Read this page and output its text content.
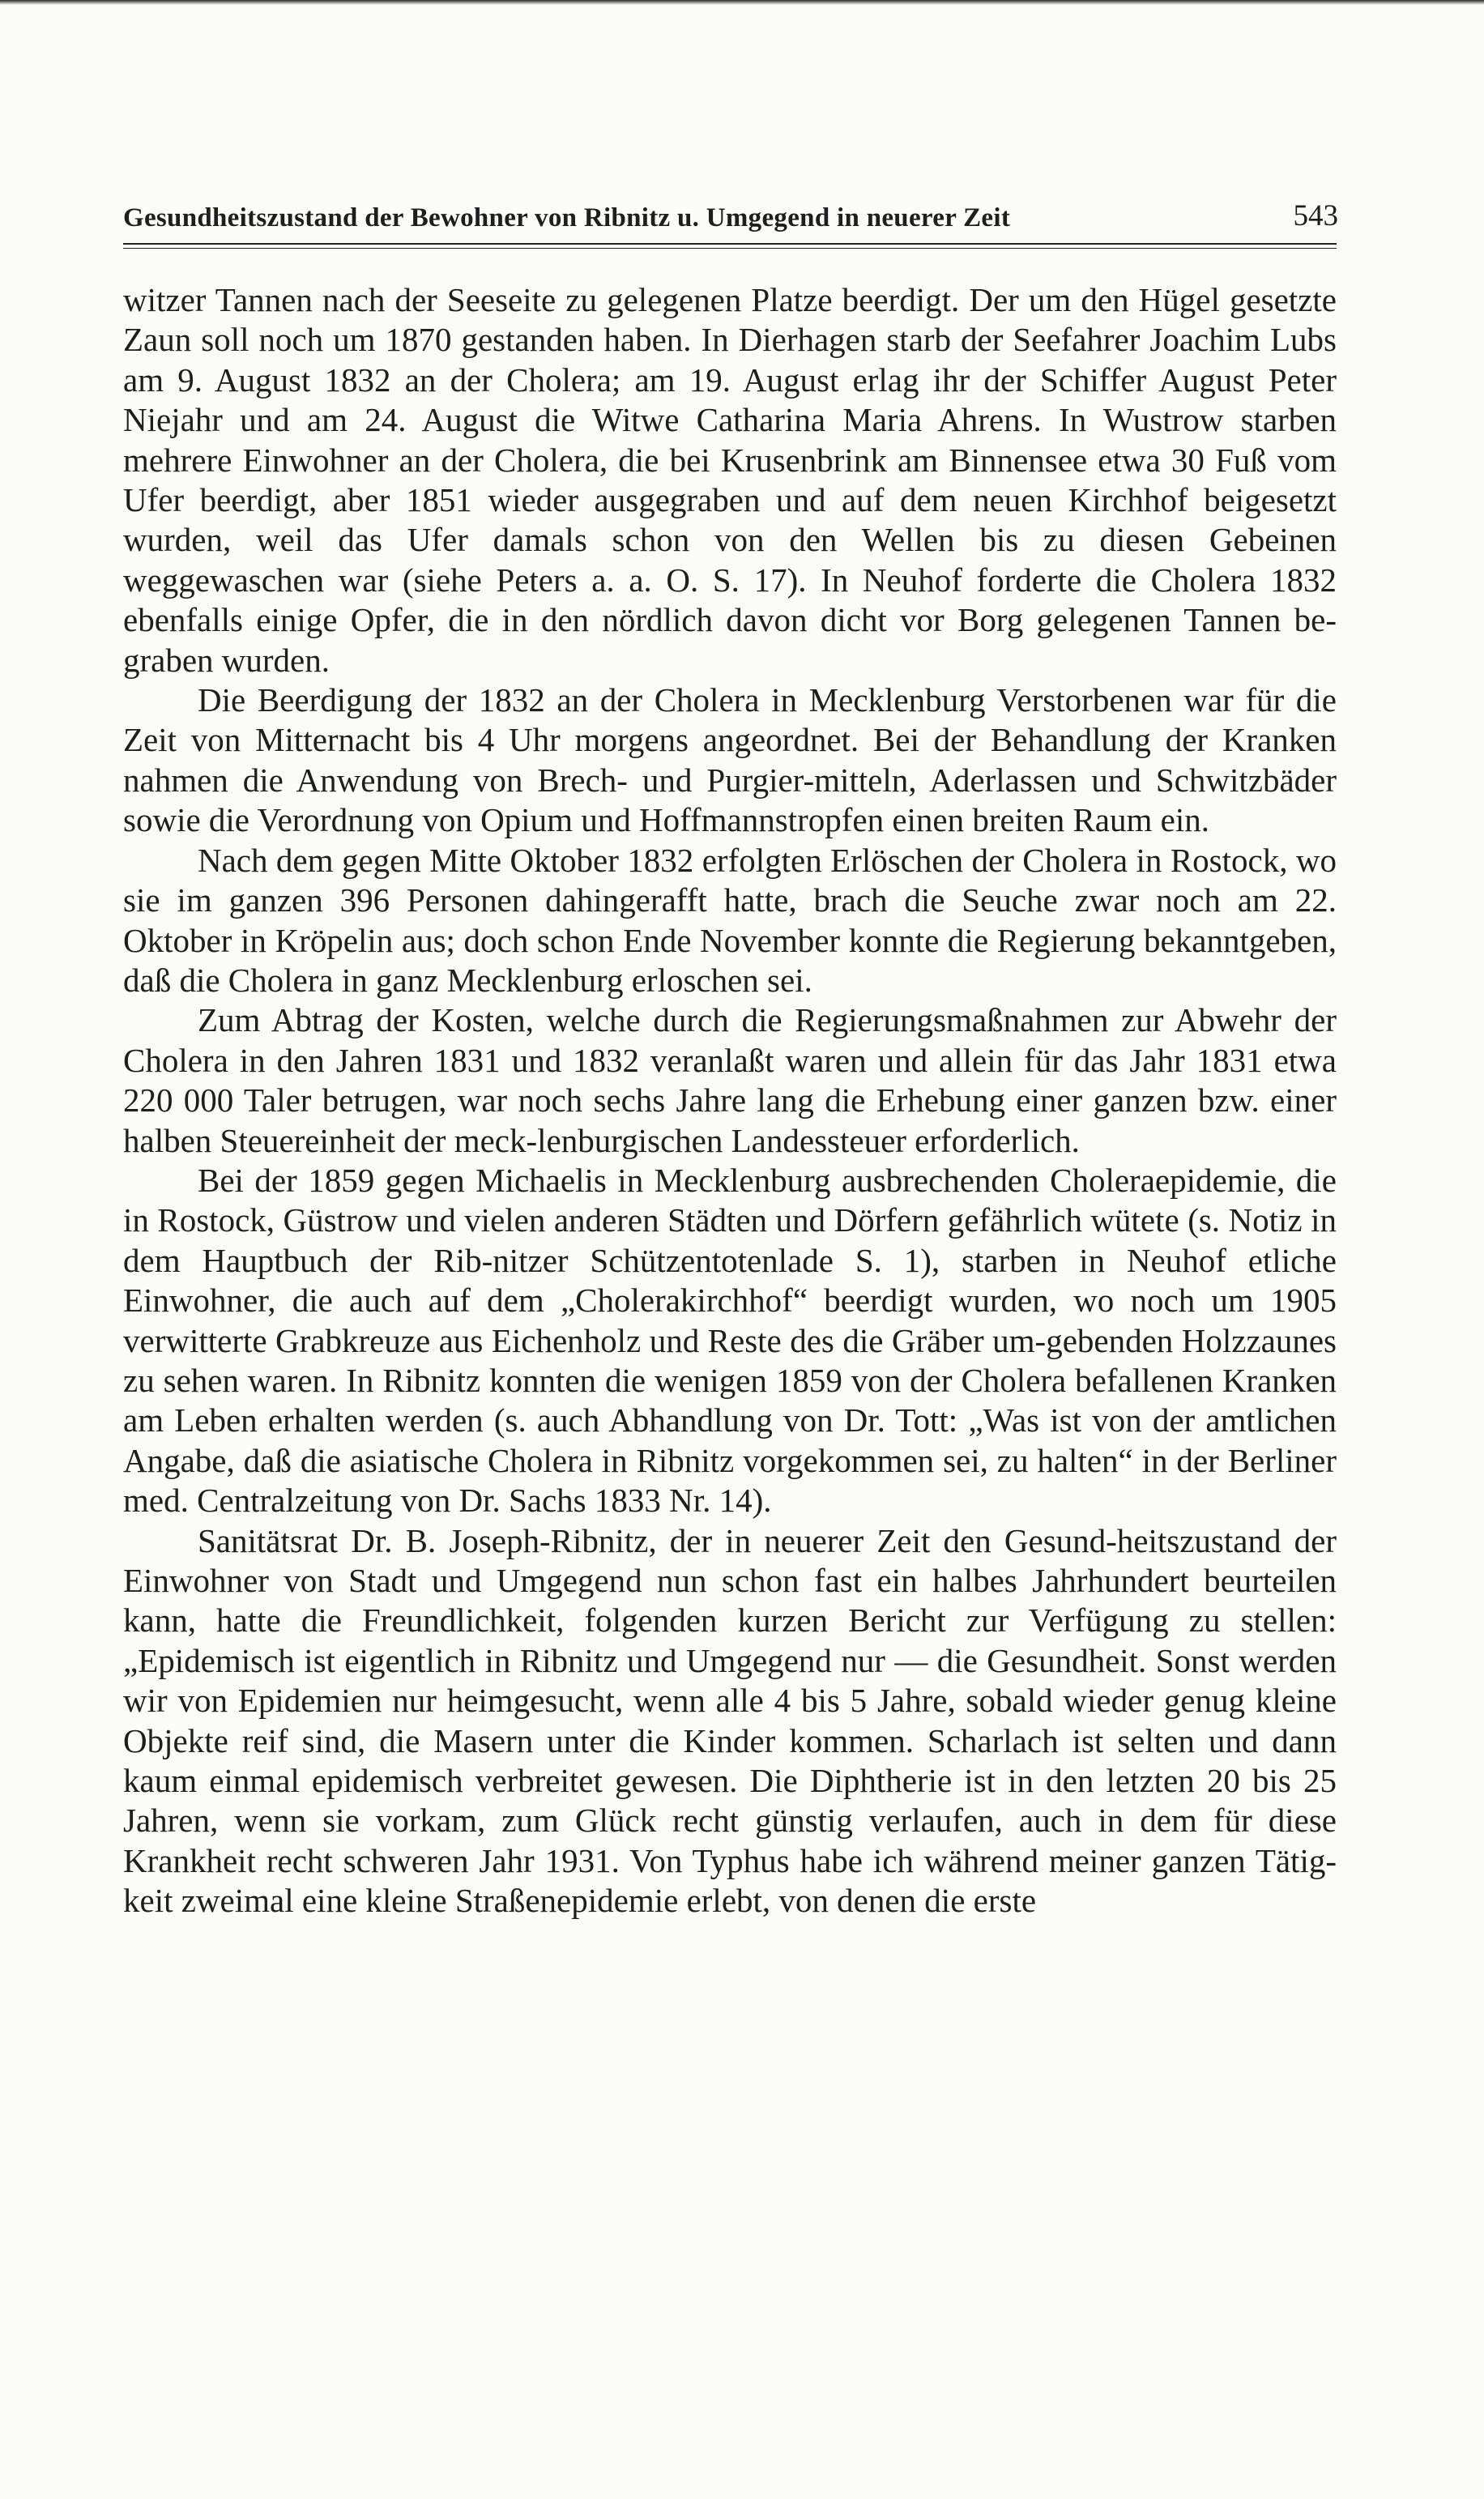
Gesundheitszustand der Bewohner von Ribnitz u. Umgegend in neuerer Zeit	543

witzer Tannen nach der Seeseite zu gelegenen Platze beerdigt. Der um den Hügel gesetzte Zaun soll noch um 1870 gestanden haben. In Dierhagen starb der Seefahrer Joachim Lubs am 9. August 1832 an der Cholera; am 19. August erlag ihr der Schiffer August Peter Niejahr und am 24. August die Witwe Catharina Maria Ahrens. In Wustrow starben mehrere Einwohner an der Cholera, die bei Krusenbrink am Binnensee etwa 30 Fuß vom Ufer beerdigt, aber 1851 wieder ausgegraben und auf dem neuen Kirchhof beigesetzt wurden, weil das Ufer damals schon von den Wellen bis zu diesen Gebeinen weggewaschen war (siehe Peters a. a. O. S. 17). In Neuhof forderte die Cholera 1832 ebenfalls einige Opfer, die in den nördlich davon dicht vor Borg gelegenen Tannen be-graben wurden.

Die Beerdigung der 1832 an der Cholera in Mecklenburg Verstorbenen war für die Zeit von Mitternacht bis 4 Uhr morgens angeordnet. Bei der Behandlung der Kranken nahmen die Anwendung von Brech- und Purgier-mitteln, Aderlassen und Schwitzbäder sowie die Verordnung von Opium und Hoffmannstropfen einen breiten Raum ein.

Nach dem gegen Mitte Oktober 1832 erfolgten Erlöschen der Cholera in Rostock, wo sie im ganzen 396 Personen dahingerafft hatte, brach die Seuche zwar noch am 22. Oktober in Kröpelin aus; doch schon Ende November konnte die Regierung bekanntgeben, daß die Cholera in ganz Mecklenburg erloschen sei.

Zum Abtrag der Kosten, welche durch die Regierungsmaßnahmen zur Abwehr der Cholera in den Jahren 1831 und 1832 veranlaßt waren und allein für das Jahr 1831 etwa 220 000 Taler betrugen, war noch sechs Jahre lang die Erhebung einer ganzen bzw. einer halben Steuereinheit der meck-lenburgischen Landessteuer erforderlich.

Bei der 1859 gegen Michaelis in Mecklenburg ausbrechenden Choleraepidemie, die in Rostock, Güstrow und vielen anderen Städten und Dörfern gefährlich wütete (s. Notiz in dem Hauptbuch der Rib-nitzer Schützentotenlade S. 1), starben in Neuhof etliche Einwohner, die auch auf dem „Cholerakirchhof“ beerdigt wurden, wo noch um 1905 verwitterte Grabkreuze aus Eichenholz und Reste des die Gräber um-gebenden Holzzaunes zu sehen waren. In Ribnitz konnten die wenigen 1859 von der Cholera befallenen Kranken am Leben erhalten werden (s. auch Abhandlung von Dr. Tott: „Was ist von der amtlichen Angabe, daß die asiatische Cholera in Ribnitz vorgekommen sei, zu halten“ in der Berliner med. Centralzeitung von Dr. Sachs 1833 Nr. 14).

Sanitätsrat Dr. B. Joseph-Ribnitz, der in neuerer Zeit den Gesund-heitszustand der Einwohner von Stadt und Umgegend nun schon fast ein halbes Jahrhundert beurteilen kann, hatte die Freundlichkeit, folgenden kurzen Bericht zur Verfügung zu stellen: „Epidemisch ist eigentlich in Ribnitz und Umgegend nur — die Gesundheit. Sonst werden wir von Epidemien nur heimgesucht, wenn alle 4 bis 5 Jahre, sobald wieder genug kleine Objekte reif sind, die Masern unter die Kinder kommen. Scharlach ist selten und dann kaum einmal epidemisch verbreitet gewesen. Die Diphtherie ist in den letzten 20 bis 25 Jahren, wenn sie vorkam, zum Glück recht günstig verlaufen, auch in dem für diese Krankheit recht schweren Jahr 1931. Von Typhus habe ich während meiner ganzen Tätig-keit zweimal eine kleine Straßenepidemie erlebt, von denen die erste
